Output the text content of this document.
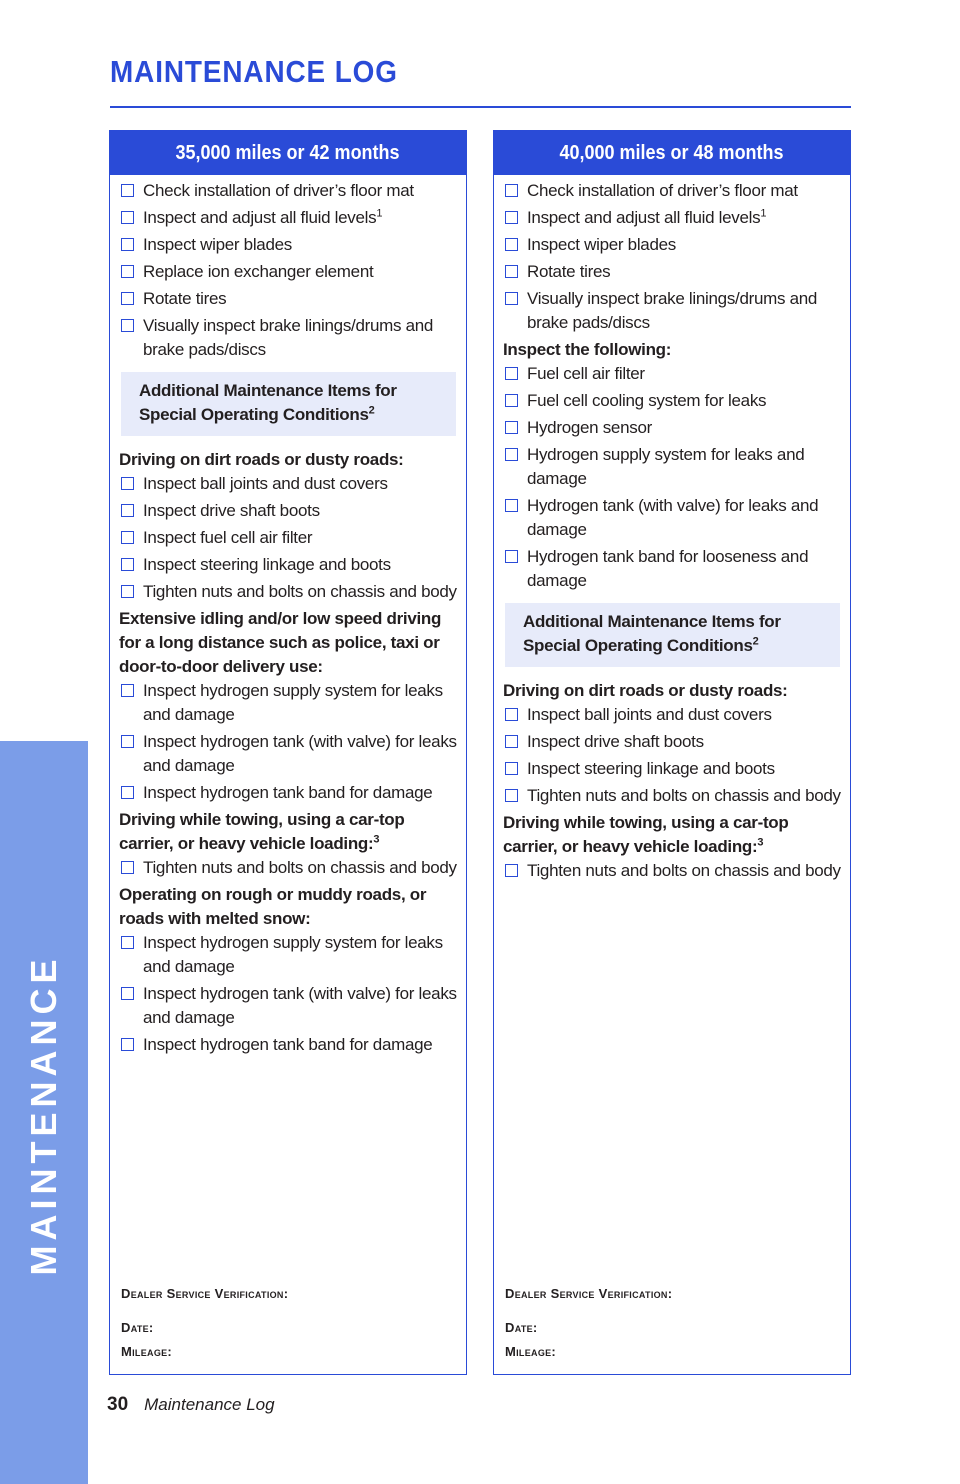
MAINTENANCE LOG
MAINTENANCE
35,000 miles or 42 months
Check installation of driver’s floor mat
Inspect and adjust all fluid levels$^1$
Inspect wiper blades
Replace ion exchanger element
Rotate tires
Visually inspect brake linings/drums and brake pads/discs
Additional Maintenance Items for Special Operating Conditions$^2$
Driving on dirt roads or dusty roads:
Inspect ball joints and dust covers
Inspect drive shaft boots
Inspect fuel cell air filter
Inspect steering linkage and boots
Tighten nuts and bolts on chassis and body
Extensive idling and/or low speed driving for a long distance such as police, taxi or door-to-door delivery use:
Inspect hydrogen supply system for leaks and damage
Inspect hydrogen tank (with valve) for leaks and damage
Inspect hydrogen tank band for damage
Driving while towing, using a car-top carrier, or heavy vehicle loading:$^3$
Tighten nuts and bolts on chassis and body
Operating on rough or muddy roads, or roads with melted snow:
Inspect hydrogen supply system for leaks and damage
Inspect hydrogen tank (with valve) for leaks and damage
Inspect hydrogen tank band for damage
Dealer Service Verification:
Date:
Mileage:
40,000 miles or 48 months
Check installation of driver’s floor mat
Inspect and adjust all fluid levels$^1$
Inspect wiper blades
Rotate tires
Visually inspect brake linings/drums and brake pads/discs
Inspect the following:
Fuel cell air filter
Fuel cell cooling system for leaks
Hydrogen sensor
Hydrogen supply system for leaks and damage
Hydrogen tank (with valve) for leaks and damage
Hydrogen tank band for looseness and damage
Additional Maintenance Items for Special Operating Conditions$^2$
Driving on dirt roads or dusty roads:
Inspect ball joints and dust covers
Inspect drive shaft boots
Inspect steering linkage and boots
Tighten nuts and bolts on chassis and body
Driving while towing, using a car-top carrier, or heavy vehicle loading:$^3$
Tighten nuts and bolts on chassis and body
Dealer Service Verification:
Date:
Mileage:
30 Maintenance Log
